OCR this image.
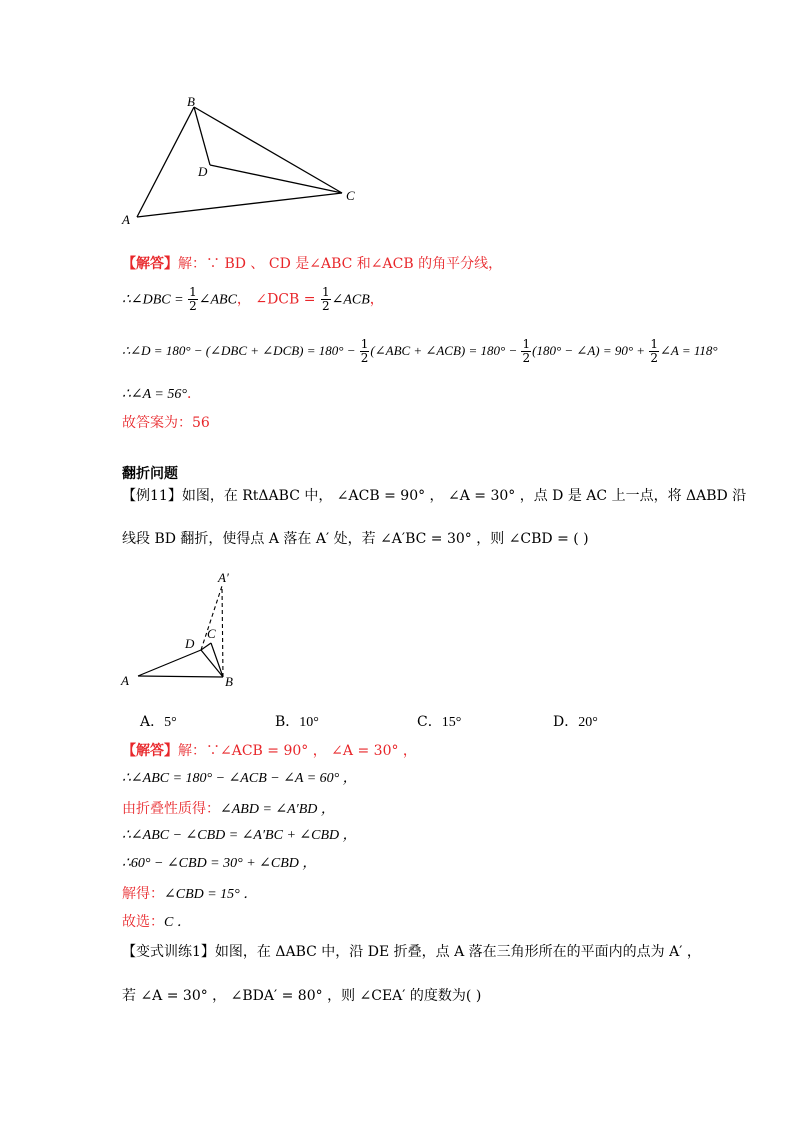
B
D
C
A
【解答】解：∵ BD 、 CD 是∠ABC 和∠ACB 的角平分线，
∴∠DBC = $\frac{1}{2}$ ∠ABC， ∠DCB = $\frac{1}{2}$ ∠ACB，
∴∠D = 180° − (∠DBC + ∠DCB) = $180^\circ - \frac{1}{2}$ (∠ABC + ∠ACB) = $180^\circ - \frac{1}{2} (180^\circ$ − ∠A) = $90^\circ + \frac{1}{2}$ ∠A = 118°
∴∠A = 56°．
故答案为：56
翻折问题
【例11】如图，在 RtΔABC 中， ∠ACB = 90° ， ∠A = 30° ，点 D 是 AC 上一点，将 ΔABD 沿
线段 BD 翻折，使得点 A 落在 A′ 处，若 ∠A′BC = 30° ，则 ∠CBD = ( )
A′
C
D
A	B
A．5°	B．10°	C．15°	D．20°
【解答】解：∵∠ACB = 90° ， ∠A = 30° ，
∴∠ABC = 180° − ∠ACB − ∠A = 60° ，
由折叠性质得：∠ABD = ∠A′BD ，
∴∠ABC − ∠CBD = ∠A′BC + ∠CBD ，
∴60° − ∠CBD = 30° + ∠CBD ，
解得：∠CBD = 15° ．
故选：C ．
【变式训练1】如图，在 ΔABC 中，沿 DE 折叠，点 A 落在三角形所在的平面内的点为 A′ ，
若 ∠A = 30° ， ∠BDA′ = 80° ，则 ∠CEA′ 的度数为( )
